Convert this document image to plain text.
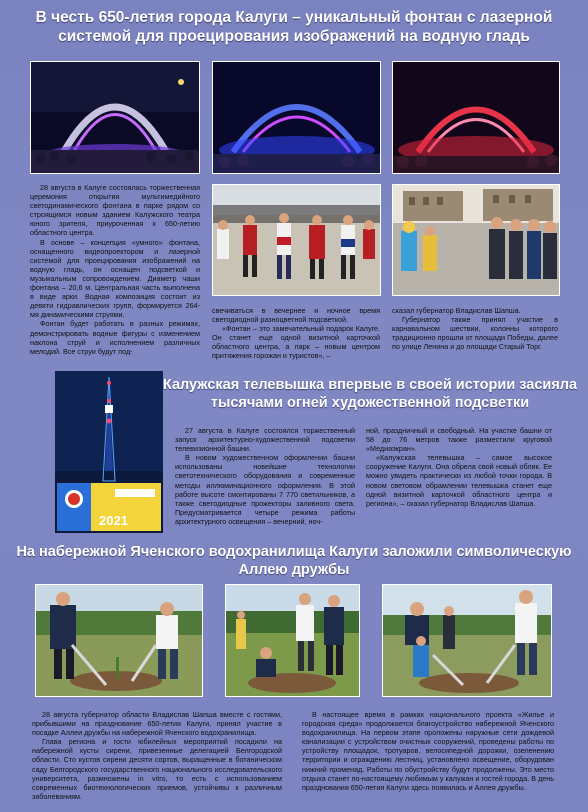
В честь 650-летия города Калуги – уникальный фонтан с лазерной системой для проецирования изображений на водную гладь

28 августа в Калуге состоялась торжественная церемония открытия мультимедийного светодинамического фонтана в парке рядом со строящимся новым зданием Калужского театра юного зрителя, приуроченная к 650-летию областного центра.

В основе – концепция «умного» фонтана, оснащенного видеопроектором и лазерной системой для проецирования изображений на водную гладь, он оснащен подсветкой и музыкальным сопровождением. Диаметр чаши фонтана – 20,6 м. Центральная часть выполнена в виде арки. Водная композиция состоит из девяти гидравлических групп, формируется 264-мя динамическими струями.

Фонтан будет работать в разных режимах, демонстрировать водные фигуры с изменением наклона струй и исполнением различных мелодий. Все струи будут под-

свечиваться в вечернее и ночное время светодиодной разноцветной подсветкой.

«Фонтан – это замечательный подарок Калуге. Он станет еще одной визитной карточкой областного центра, а парк – новым центром притяжения горожан и туристов», –

сказал губернатор Владислав Шапша.

Губернатор также принял участие в карнавальном шествии, колонны которого традиционно прошли от площади Победы, далее по улице Ленина и до площади Старый Торг.

2021
Калужская телевышка впервые в своей истории засияла тысячами огней художественной подсветки

27 августа в Калуге состоялся торжественный запуск архитектурно-художественной подсветки телевизионной башни.

В новом художественном оформлении башни использованы новейшие технологии светотехнического оборудования и современные методы иллюминационного оформления. В этой работе высоте смонтированы 7 770 светильников, а также светодиодные прожекторы заливного света. Предусматривается четыре режима работы архитектурного освещения – вечерний, ноч-

ной, праздничный и свободный. На участке башни от 58 до 76 метров также разместили круговой «Медиаэкран».

«Калужская телевышка – самое высокое сооружение Калуги. Она обрела свой новый облик. Ее можно увидеть практически из любой точки города. В новом световом обрамлении телевышка станет еще одной визитной карточкой областного центра и региона», – сказал губернатор Владислав Шапша.

На набережной Яченского водохранилища Калуги заложили символическую Аллею дружбы

28 августа губернатор области Владислав Шапша вместе с гостями, прибывшими на празднование 650-летия Калуги, принял участие в посадке Аллеи дружбы на набережной Яченского водохранилища.

Глава региона и гости юбилейных мероприятий посадили на набережной кусты сирени, привезенные делегацией Белгородской области. Сто кустов сирени десяти сортов, выращенные в ботаническом саду Белгородского государственного национального исследовательского университета, размножены in vitro, то есть с использованием современных биотехнологических приемов, устойчивы к различным заболеваниям.

В настоящее время в рамках национального проекта «Жилье и городская среда» продолжается благоустройство набережной Яченского водохранилища. На первом этапе проложены наружные сети дождевой канализации с устройством очистных сооружений, проведены работы по устройству площадок, тротуаров, велосипедной дорожки, озеленению территории и ограждению лестниц, установлено освещение, оборудован нижний променад. Работы по обустройству будут продолжены. Это место отдыха станет по-настоящему любимым у калужан и гостей города. В день празднования 650-летия Калуги здесь появилась и Аллея дружбы.
